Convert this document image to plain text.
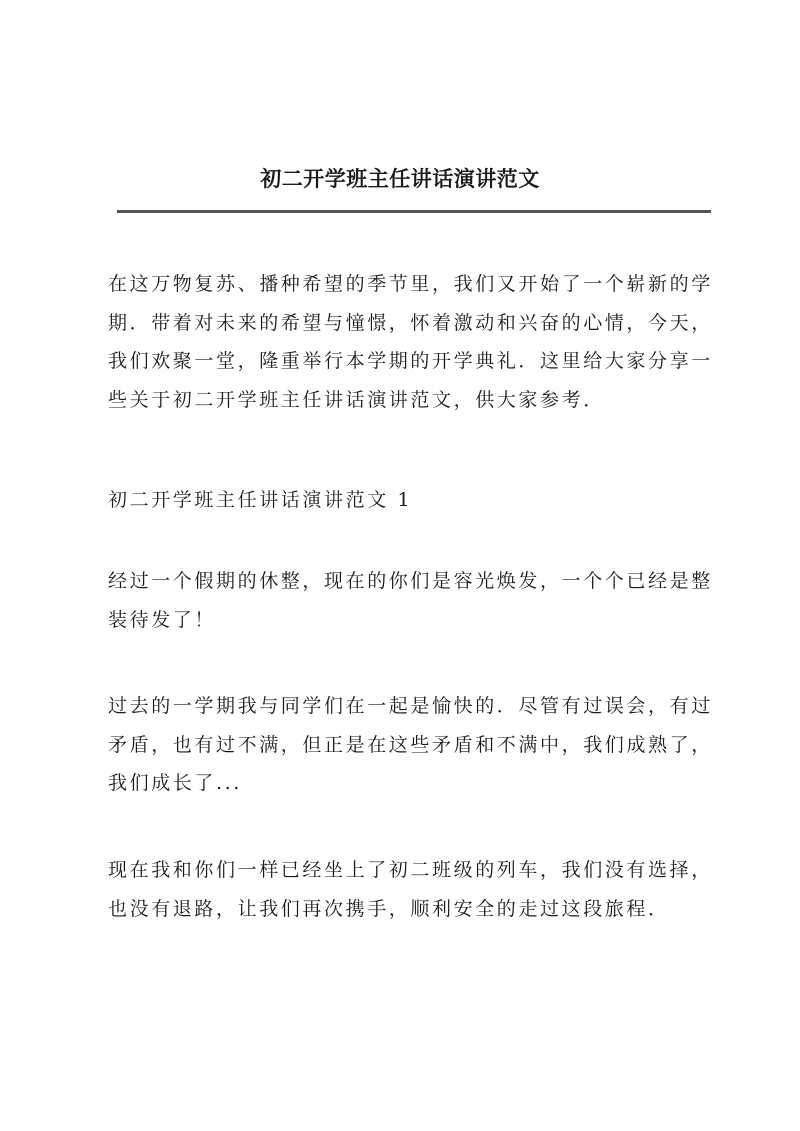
初二开学班主任讲话演讲范文

在这万物复苏、播种希望的季节里，我们又开始了一个崭新的学期．带着对未来的希望与憧憬，怀着激动和兴奋的心情，今天，我们欢聚一堂，隆重举行本学期的开学典礼．这里给大家分享一些关于初二开学班主任讲话演讲范文，供大家参考．

初二开学班主任讲话演讲范文 1

经过一个假期的休整，现在的你们是容光焕发，一个个已经是整装待发了！

过去的一学期我与同学们在一起是愉快的．尽管有过误会，有过矛盾，也有过不满，但正是在这些矛盾和不满中，我们成熟了，我们成长了...

现在我和你们一样已经坐上了初二班级的列车，我们没有选择，也没有退路，让我们再次携手，顺利安全的走过这段旅程．
